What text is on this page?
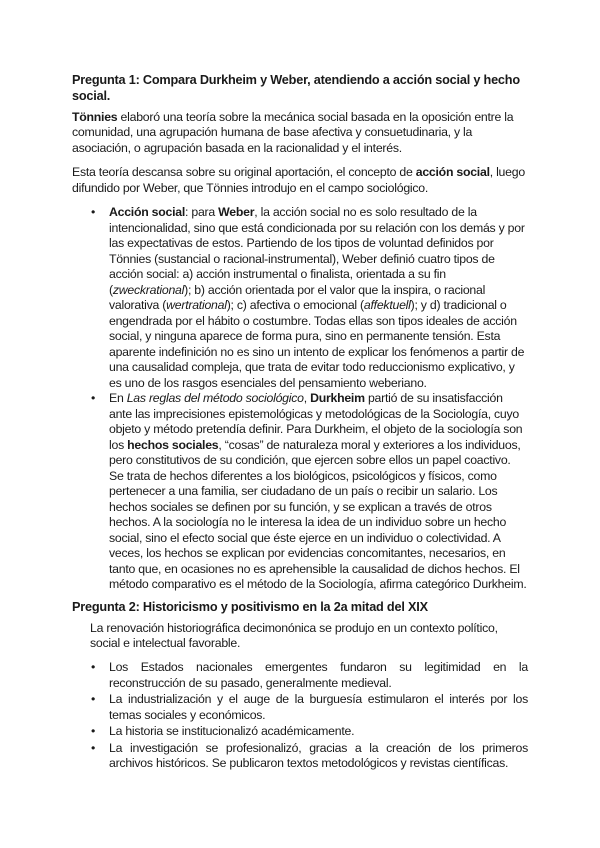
Pregunta 1: Compara Durkheim y Weber, atendiendo a acción social y hecho social.

Tönnies elaboró una teoría sobre la mecánica social basada en la oposición entre la comunidad, una agrupación humana de base afectiva y consuetudinaria, y la asociación, o agrupación basada en la racionalidad y el interés.

Esta teoría descansa sobre su original aportación, el concepto de acción social, luego difundido por Weber, que Tönnies introdujo en el campo sociológico.

• Acción social: para Weber, la acción social no es solo resultado de la intencionalidad, sino que está condicionada por su relación con los demás y por las expectativas de estos. Partiendo de los tipos de voluntad definidos por Tönnies (sustancial o racional-instrumental), Weber definió cuatro tipos de acción social: a) acción instrumental o finalista, orientada a su fin (zweckrational); b) acción orientada por el valor que la inspira, o racional valorativa (wertrational); c) afectiva o emocional (affektuell); y d) tradicional o engendrada por el hábito o costumbre. Todas ellas son tipos ideales de acción social, y ninguna aparece de forma pura, sino en permanente tensión. Esta aparente indefinición no es sino un intento de explicar los fenómenos a partir de una causalidad compleja, que trata de evitar todo reduccionismo explicativo, y es uno de los rasgos esenciales del pensamiento weberiano.
• En Las reglas del método sociológico, Durkheim partió de su insatisfacción ante las imprecisiones epistemológicas y metodológicas de la Sociología, cuyo objeto y método pretendía definir. Para Durkheim, el objeto de la sociología son los hechos sociales, “cosas” de naturaleza moral y exteriores a los individuos, pero constitutivos de su condición, que ejercen sobre ellos un papel coactivo. Se trata de hechos diferentes a los biológicos, psicológicos y físicos, como pertenecer a una familia, ser ciudadano de un país o recibir un salario. Los hechos sociales se definen por su función, y se explican a través de otros hechos. A la sociología no le interesa la idea de un individuo sobre un hecho social, sino el efecto social que éste ejerce en un individuo o colectividad. A veces, los hechos se explican por evidencias concomitantes, necesarios, en tanto que, en ocasiones no es aprehensible la causalidad de dichos hechos. El método comparativo es el método de la Sociología, afirma categórico Durkheim.
Pregunta 2: Historicismo y positivismo en la 2a mitad del XIX

La renovación historiográfica decimonónica se produjo en un contexto político, social e intelectual favorable.

• Los Estados nacionales emergentes fundaron su legitimidad en la reconstrucción de su pasado, generalmente medieval.
• La industrialización y el auge de la burguesía estimularon el interés por los temas sociales y económicos.
• La historia se institucionalizó académicamente.
• La investigación se profesionalizó, gracias a la creación de los primeros archivos históricos. Se publicaron textos metodológicos y revistas científicas.
